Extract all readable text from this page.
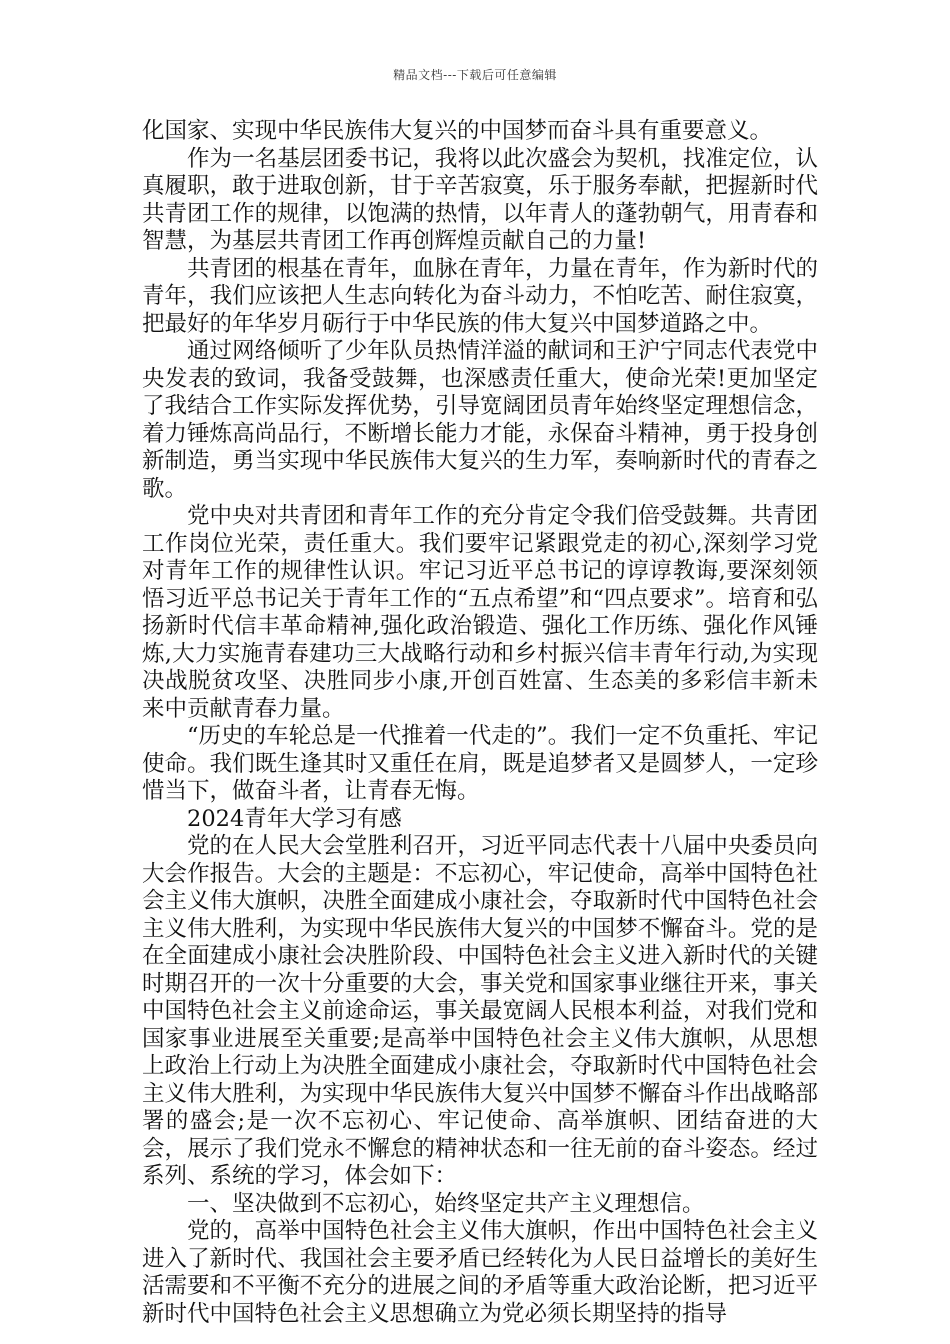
精品文档---下载后可任意编辑

化国家、实现中华民族伟大复兴的中国梦而奋斗具有重要意义。

作为一名基层团委书记，我将以此次盛会为契机，找准定位，认真履职，敢于进取创新，甘于辛苦寂寞，乐于服务奉献，把握新时代共青团工作的规律，以饱满的热情，以年青人的蓬勃朝气，用青春和智慧，为基层共青团工作再创辉煌贡献自己的力量!

共青团的根基在青年，血脉在青年，力量在青年，作为新时代的青年，我们应该把人生志向转化为奋斗动力，不怕吃苦、耐住寂寞，把最好的年华岁月砺行于中华民族的伟大复兴中国梦道路之中。

通过网络倾听了少年队员热情洋溢的献词和王沪宁同志代表党中央发表的致词，我备受鼓舞，也深感责任重大，使命光荣!更加坚定了我结合工作实际发挥优势，引导宽阔团员青年始终坚定理想信念，着力锤炼高尚品行，不断增长能力才能，永保奋斗精神，勇于投身创新制造，勇当实现中华民族伟大复兴的生力军，奏响新时代的青春之歌。

党中央对共青团和青年工作的充分肯定令我们倍受鼓舞。共青团工作岗位光荣，责任重大。我们要牢记紧跟党走的初心,深刻学习党对青年工作的规律性认识。牢记习近平总书记的谆谆教诲,要深刻领悟习近平总书记关于青年工作的“五点希望”和“四点要求”。培育和弘扬新时代信丰革命精神,强化政治锻造、强化工作历练、强化作风锤炼,大力实施青春建功三大战略行动和乡村振兴信丰青年行动,为实现决战脱贫攻坚、决胜同步小康,开创百姓富、生态美的多彩信丰新未来中贡献青春力量。

“历史的车轮总是一代推着一代走的”。我们一定不负重托、牢记使命。我们既生逢其时又重任在肩，既是追梦者又是圆梦人，一定珍惜当下，做奋斗者，让青春无悔。

2024青年大学习有感

党的在人民大会堂胜利召开，习近平同志代表十八届中央委员向大会作报告。大会的主题是：不忘初心，牢记使命，高举中国特色社会主义伟大旗帜，决胜全面建成小康社会，夺取新时代中国特色社会主义伟大胜利，为实现中华民族伟大复兴的中国梦不懈奋斗。党的是在全面建成小康社会决胜阶段、中国特色社会主义进入新时代的关键时期召开的一次十分重要的大会，事关党和国家事业继往开来，事关中国特色社会主义前途命运，事关最宽阔人民根本利益，对我们党和国家事业进展至关重要;是高举中国特色社会主义伟大旗帜，从思想上政治上行动上为决胜全面建成小康社会，夺取新时代中国特色社会主义伟大胜利，为实现中华民族伟大复兴中国梦不懈奋斗作出战略部署的盛会;是一次不忘初心、牢记使命、高举旗帜、团结奋进的大会，展示了我们党永不懈怠的精神状态和一往无前的奋斗姿态。经过系列、系统的学习，体会如下：

一、坚决做到不忘初心，始终坚定共产主义理想信。

党的，高举中国特色社会主义伟大旗帜，作出中国特色社会主义进入了新时代、我国社会主要矛盾已经转化为人民日益增长的美好生活需要和不平衡不充分的进展之间的矛盾等重大政治论断，把习近平新时代中国特色社会主义思想确立为党必须长期坚持的指导
